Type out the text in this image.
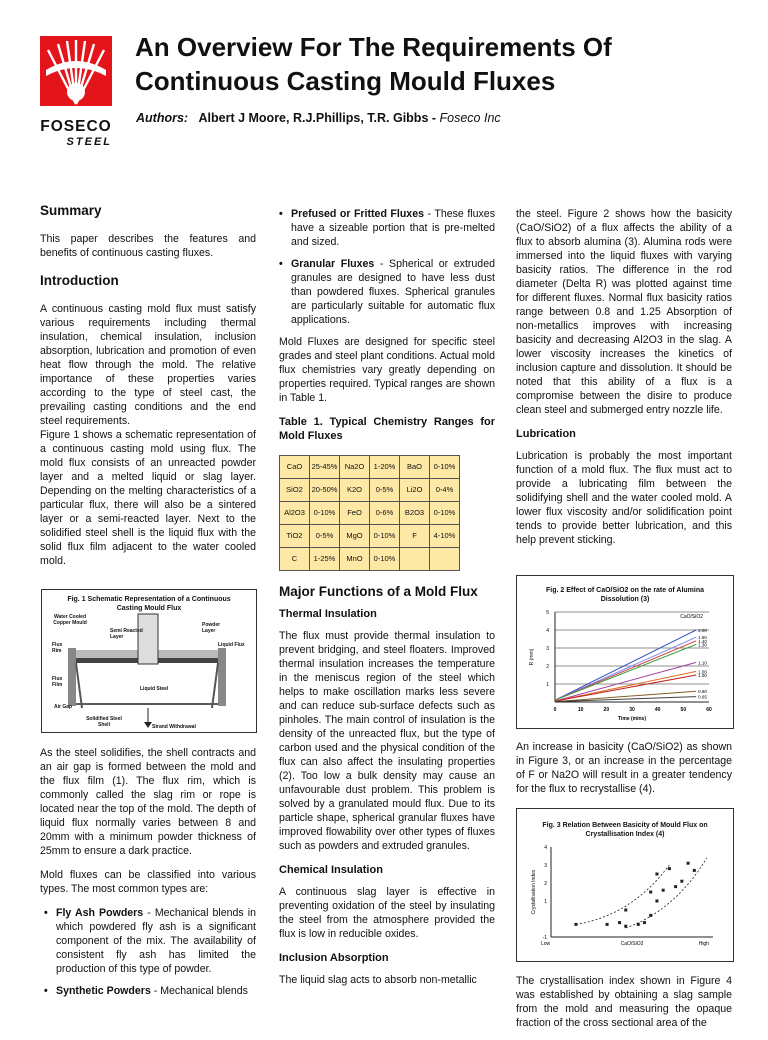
FOSECO
STEEL
An Overview For The Requirements Of
Continuous Casting Mould Fluxes
Authors: Albert J Moore, R.J.Phillips, T.R. Gibbs - Foseco Inc
Summary

This paper describes the features and benefits of continuous casting fluxes.

Introduction

A continuous casting mold flux must satisfy various requirements including thermal insulation, chemical insulation, inclusion absorption, lubrication and promotion of even heat flow through the mold. The relative importance of these properties varies according to the type of steel cast, the prevailing casting conditions and the end steel requirements.

Figure 1 shows a schematic representation of a continuous casting mold using flux. The mold flux consists of an unreacted powder layer and a melted liquid or slag layer. Depending on the melting characteristics of a particular flux, there will also be a sintered layer or a semi-reacted layer. Next to the solidified steel shell is the liquid flux with the solid flux film adjacent to the water cooled mold.

Fig. 1 Schematic Representation of a Continuous Casting Mould Flux
Water Cooled Copper Mould
Semi Reacted Layer
Powder Layer
Liquid Flux
Flux Rim
Flux Film
Liquid Steel
Air Gap
Solidified Steel Shell	Strand Withdrawal

As the steel solidifies, the shell contracts and an air gap is formed between the mold and the flux film (1). The flux rim, which is commonly called the slag rim or rope is located near the top of the mold. The depth of liquid flux normally varies between 8 and 20mm with a minimum powder thickness of 25mm to ensure a dark practice.

Mold fluxes can be classified into various types. The most common types are:

• Fly Ash Powders - Mechanical blends in which powdered fly ash is a significant component of the mix. The availability of consistent fly ash has limited the production of this type of powder.
• Synthetic Powders - Mechanical blends
• Prefused or Fritted Fluxes - These fluxes have a sizeable portion that is pre-melted and sized.
• Granular Fluxes - Spherical or extruded granules are designed to have less dust than powdered fluxes. Spherical granules are particularly suitable for automatic flux applications.

Mold Fluxes are designed for specific steel grades and steel plant conditions. Actual mold flux chemistries vary greatly depending on properties required. Typical ranges are shown in Table 1.

Table 1. Typical Chemistry Ranges for Mold Fluxes
CaO	25-45%	Na2O	1-20%	BaO	0-10%
SiO2	20-50%	K2O	0-5%	Li2O	0-4%
Al2O3	0-10%	FeO	0-6%	B2O3	0-10%
TiO2	0-5%	MgO	0-10%	F	4-10%
C	1-25%	MnO	0-10%		
Major Functions of a Mold Flux
Thermal Insulation

The flux must provide thermal insulation to prevent bridging, and steel floaters. Improved thermal insulation increases the temperature in the meniscus region of the steel which helps to make oscillation marks less severe and can reduce sub-surface defects such as pinholes. The main control of insulation is the density of the unreacted flux, but the type of carbon used and the physical condition of the flux can also affect the insulating properties (2). Too low a bulk density may cause an unfavourable dust problem. This problem is solved by a granulated mould flux. Due to its particle shape, spherical granular fluxes have improved flowability over other types of fluxes such as powders and extruded granules.

Chemical Insulation

A continuous slag layer is effective in preventing oxidation of the steel by insulating the steel from the atmosphere provided the flux is low in reducible oxides.

Inclusion Absorption

The liquid slag acts to absorb non-metallic

the steel. Figure 2 shows how the basicity (CaO/SiO2) of a flux affects the ability of a flux to absorb alumina (3). Alumina rods were immersed into the liquid fluxes with varying basicity ratios. The difference in the rod diameter (Delta R) was plotted against time for different fluxes. Normal flux basicity ratios range between 0.8 and 1.25 Absorption of non-metallics improves with increasing basicity and decreasing Al2O3 in the slag. A lower viscosity increases the kinetics of inclusion capture and dissolution. It should be noted that this ability of a flux is a compromise between the disire to produce clean steel and submerged entry nozzle life.

Lubrication

Lubrication is probably the most important function of a mold flux. The flux must act to provide a lubricating film between the solidifying shell and the water cooled mold. A lower flux viscosity and/or solidification point tends to provide better lubrication, and this help prevent sticking.

Fig. 2 Effect of CaO/SiO2 on the rate of Alumina Dissolution (3)
1
2
3
4
5
0	10	20	30	40	50	60
Time (mins)
R (mm)
CaO/SiO2
2.00
1.50
1.40
1.30
1.10
1.00
1.00
0.80
0.65

An increase in basicity (CaO/SiO2) as shown in Figure 3, or an increase in the percentage of F or Na2O will result in a greater tendency for the flux to recrystallise (4).

Fig. 3 Relation Between Basicity of Mould Flux on Crystallisation Index (4)
-1
1
2
3
4
Crystallisation Index
Low	CaO/SiO2	High

The crystallisation index shown in Figure 4 was established by obtaining a slag sample from the mold and measuring the opaque fraction of the cross sectional area of the
